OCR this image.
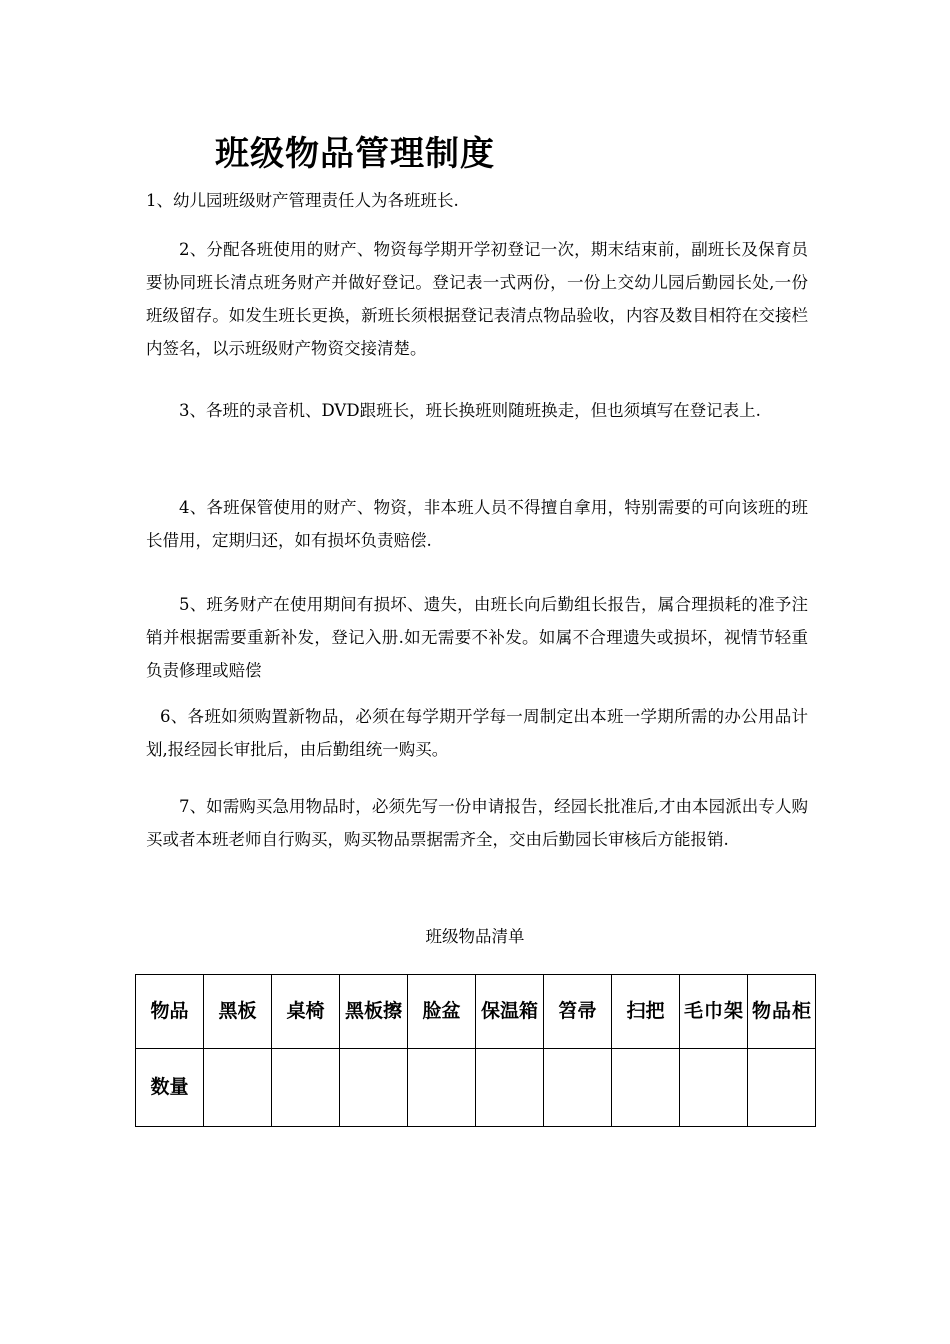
班级物品管理制度

1、幼儿园班级财产管理责任人为各班班长.

2、分配各班使用的财产、物资每学期开学初登记一次，期末结束前，副班长及保育员要协同班长清点班务财产并做好登记。登记表一式两份，一份上交幼儿园后勤园长处,一份班级留存。如发生班长更换，新班长须根据登记表清点物品验收，内容及数目相符在交接栏内签名，以示班级财产物资交接清楚。

3、各班的录音机、DVD跟班长，班长换班则随班换走，但也须填写在登记表上.

4、各班保管使用的财产、物资，非本班人员不得擅自拿用，特别需要的可向该班的班长借用，定期归还，如有损坏负责赔偿.

5、班务财产在使用期间有损坏、遗失，由班长向后勤组长报告，属合理损耗的准予注销并根据需要重新补发，登记入册.如无需要不补发。如属不合理遗失或损坏，视情节轻重负责修理或赔偿

6、各班如须购置新物品，必须在每学期开学每一周制定出本班一学期所需的办公用品计划,报经园长审批后，由后勤组统一购买。

7、如需购买急用物品时，必须先写一份申请报告，经园长批准后,才由本园派出专人购买或者本班老师自行购买，购买物品票据需齐全，交由后勤园长审核后方能报销.

班级物品清单
物品	黑板	桌椅	黑板擦	脸盆	保温箱	笤帚	扫把	毛巾架	物品柜
数量									
